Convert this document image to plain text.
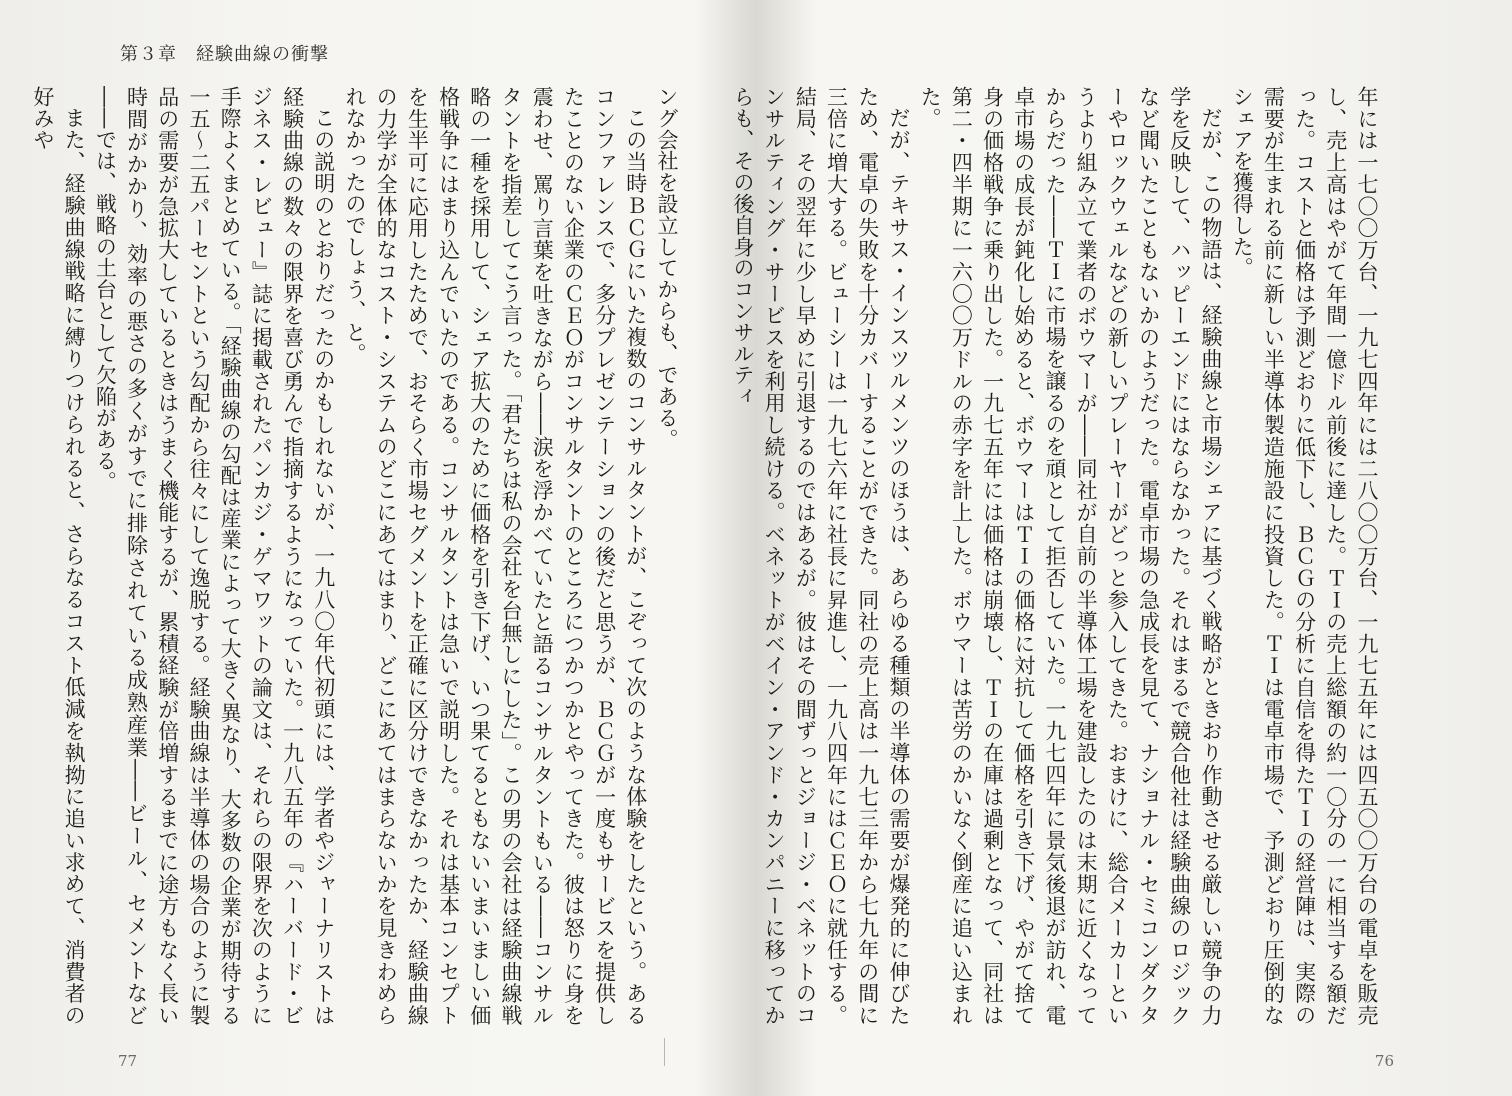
第３章　経験曲線の衝撃

ング会社を設立してからも、である。

この当時ＢＣＧにいた複数のコンサルタントが、こぞって次のような体験をしたという。あるコンファレンスで、多分プレゼンテーションの後だと思うが、ＢＣＧが一度もサービスを提供したことのない企業のＣＥＯがコンサルタントのところにつかつかとやってきた。彼は怒りに身を震わせ、罵り言葉を吐きながら――涙を浮かべていたと語るコンサルタントもいる――コンサルタントを指差してこう言った。「君たちは私の会社を台無しにした」。この男の会社は経験曲線戦略の一種を採用して、シェア拡大のために価格を引き下げ、いつ果てるともないいまいましい価格戦争にはまり込んでいたのである。コンサルタントは急いで説明した。それは基本コンセプトを生半可に応用したためで、おそらく市場セグメントを正確に区分けできなかったか、経験曲線の力学が全体的なコスト・システムのどこにあてはまり、どこにあてはまらないかを見きわめられなかったのでしょう、と。

この説明のとおりだったのかもしれないが、一九八〇年代初頭には、学者やジャーナリストは経験曲線の数々の限界を喜び勇んで指摘するようになっていた。一九八五年の『ハーバード・ビジネス・レビュー』誌に掲載されたパンカジ・ゲマワットの論文は、それらの限界を次のように手際よくまとめている。「経験曲線の勾配は産業によって大きく異なり、大多数の企業が期待する一五～二五パーセントという勾配から往々にして逸脱する。経験曲線は半導体の場合のように製品の需要が急拡大しているときはうまく機能するが、累積経験が倍増するまでに途方もなく長い時間がかかり、効率の悪さの多くがすでに排除されている成熟産業――ビール、セメントなど――では、戦略の土台として欠陥がある。

また、経験曲線戦略に縛りつけられると、さらなるコスト低減を執拗に追い求めて、消費者の好みや

77

年には一七〇〇万台、一九七四年には二八〇〇万台、一九七五年には四五〇〇万台の電卓を販売し、売上高はやがて年間一億ドル前後に達した。ＴＩの売上総額の約一〇分の一に相当する額だった。コストと価格は予測どおりに低下し、ＢＣＧの分析に自信を得たＴＩの経営陣は、実際の需要が生まれる前に新しい半導体製造施設に投資した。ＴＩは電卓市場で、予測どおり圧倒的なシェアを獲得した。

だが、この物語は、経験曲線と市場シェアに基づく戦略がときおり作動させる厳しい競争の力学を反映して、ハッピーエンドにはならなかった。それはまるで競合他社は経験曲線のロジックなど聞いたこともないかのようだった。電卓市場の急成長を見て、ナショナル・セミコンダクターやロックウェルなどの新しいプレーヤーがどっと参入してきた。おまけに、総合メーカーというより組み立て業者のボウマーが――同社が自前の半導体工場を建設したのは末期に近くなってからだった――ＴＩに市場を譲るのを頑として拒否していた。一九七四年に景気後退が訪れ、電卓市場の成長が鈍化し始めると、ボウマーはＴＩの価格に対抗して価格を引き下げ、やがて捨て身の価格戦争に乗り出した。一九七五年には価格は崩壊し、ＴＩの在庫は過剰となって、同社は第二・四半期に一六〇〇万ドルの赤字を計上した。ボウマーは苦労のかいなく倒産に追い込まれた。

だが、テキサス・インスツルメンツのほうは、あらゆる種類の半導体の需要が爆発的に伸びたため、電卓の失敗を十分カバーすることができた。同社の売上高は一九七三年から七九年の間に三倍に増大する。ビューシーは一九七六年に社長に昇進し、一九八四年にはＣＥＯに就任する。結局、その翌年に少し早めに引退するのではあるが。彼はその間ずっとジョージ・ベネットのコンサルティング・サービスを利用し続ける。ベネットがベイン・アンド・カンパニーに移ってからも、その後自身のコンサルティ

76
